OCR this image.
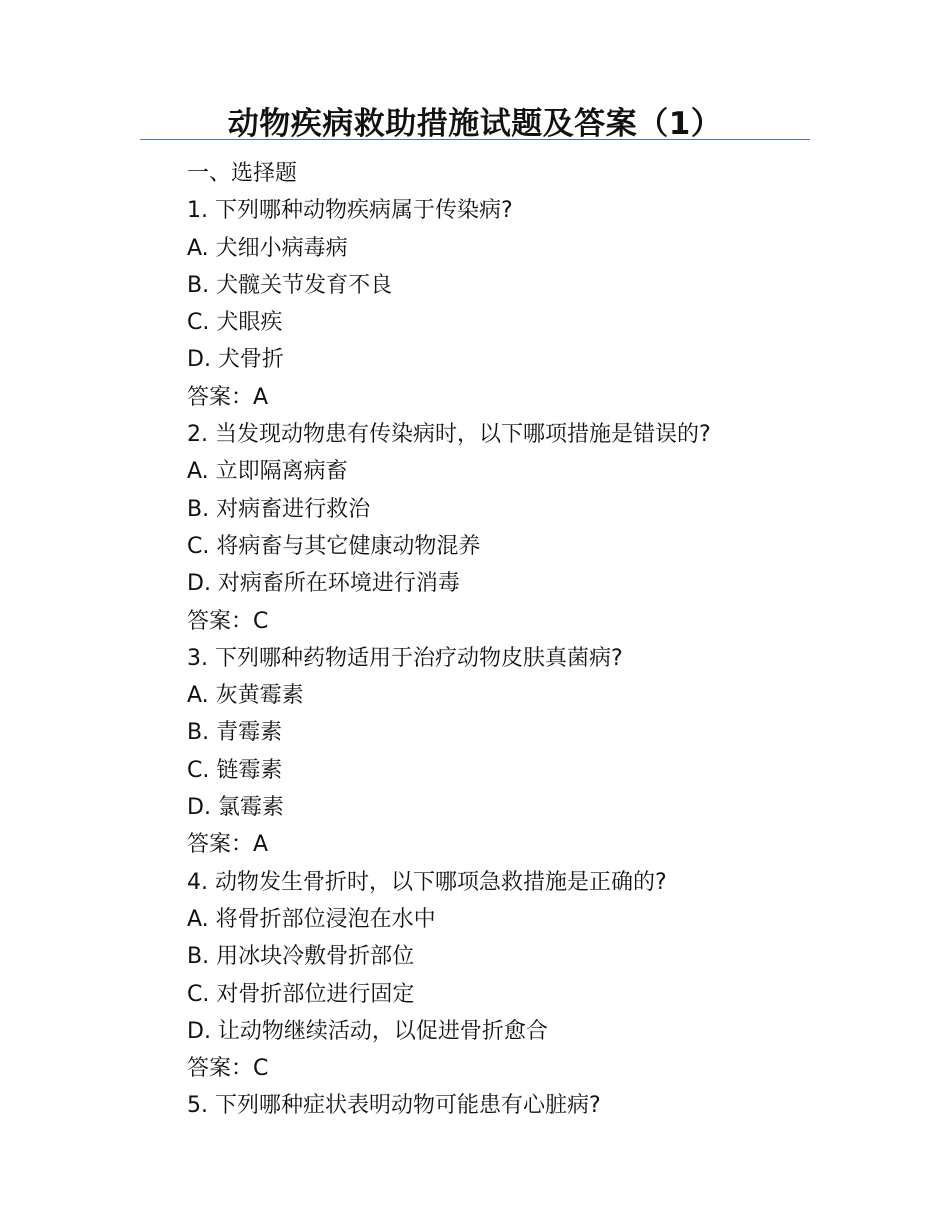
动物疾病救助措施试题及答案（1）
一、选择题
1. 下列哪种动物疾病属于传染病?
A. 犬细小病毒病
B. 犬髋关节发育不良
C. 犬眼疾
D. 犬骨折
答案：A
2. 当发现动物患有传染病时，以下哪项措施是错误的?
A. 立即隔离病畜
B. 对病畜进行救治
C. 将病畜与其它健康动物混养
D. 对病畜所在环境进行消毒
答案：C
3. 下列哪种药物适用于治疗动物皮肤真菌病?
A. 灰黄霉素
B. 青霉素
C. 链霉素
D. 氯霉素
答案：A
4. 动物发生骨折时，以下哪项急救措施是正确的?
A. 将骨折部位浸泡在水中
B. 用冰块冷敷骨折部位
C. 对骨折部位进行固定
D. 让动物继续活动，以促进骨折愈合
答案：C
5. 下列哪种症状表明动物可能患有心脏病?
